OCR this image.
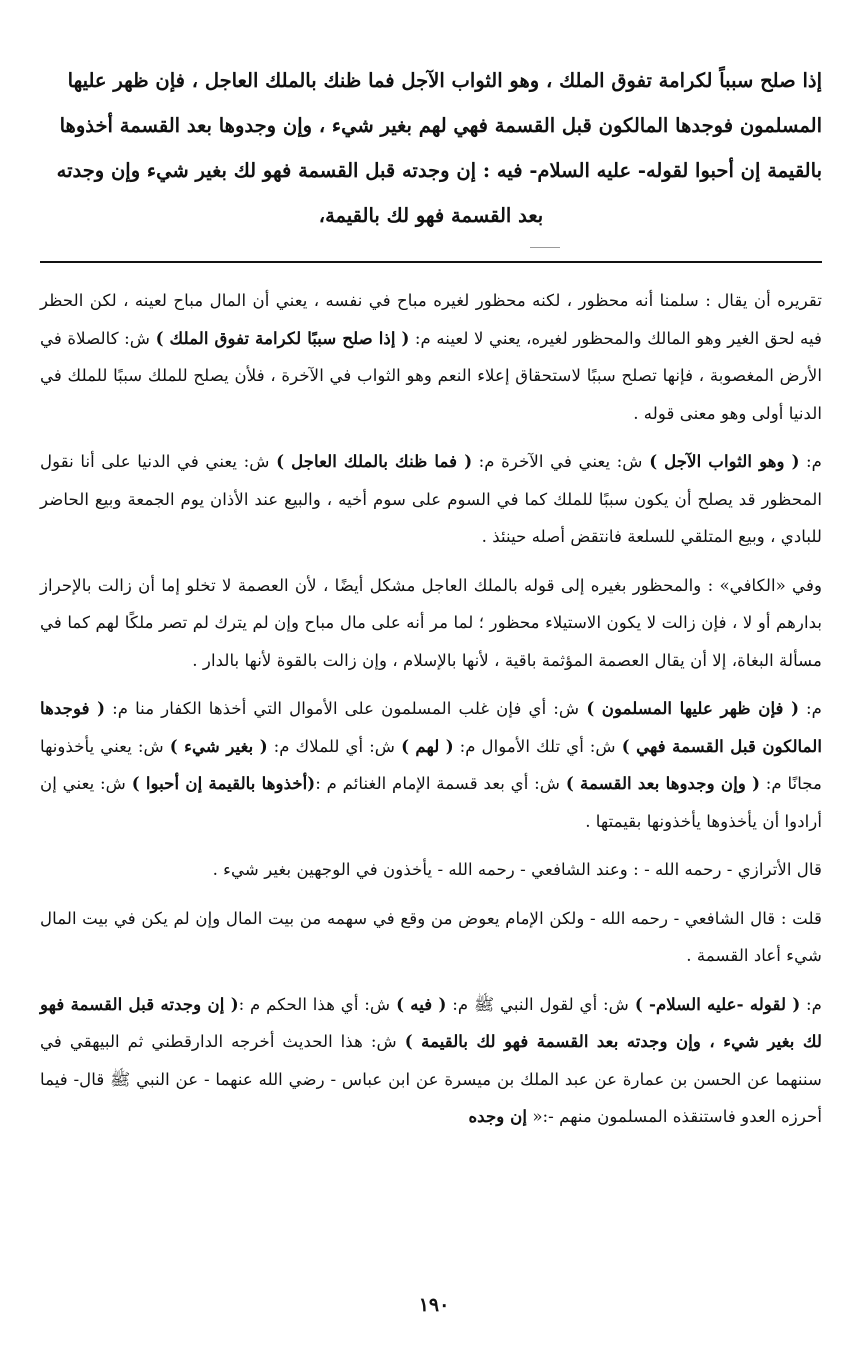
إذا صلح سبباً لكرامة تفوق الملك ، وهو الثواب الآجل فما ظنك بالملك العاجل ، فإن ظهر عليها

المسلمون فوجدها المالكون قبل القسمة فهي لهم بغير شيء ، وإن وجدوها بعد القسمة أخذوها

بالقيمة إن أحبوا لقوله- عليه السلام- فيه : إن وجدته قبل القسمة فهو لك بغير شيء وإن وجدته

بعد القسمة فهو لك بالقيمة،

تقريره أن يقال : سلمنا أنه محظور ، لكنه محظور لغيره مباح في نفسه ، يعني أن المال مباح لعينه ، لكن الحظر فيه لحق الغير وهو المالك والمحظور لغيره، يعني لا لعينه م: ( إذا صلح سببًا لكرامة تفوق الملك ) ش: كالصلاة في الأرض المغصوبة ، فإنها تصلح سببًا لاستحقاق إعلاء النعم وهو الثواب في الآخرة ، فلأن يصلح للملك سببًا للملك في الدنيا أولى وهو معنى قوله .

م: ( وهو الثواب الآجل ) ش: يعني في الآخرة م: ( فما ظنك بالملك العاجل ) ش: يعني في الدنيا على أنا نقول المحظور قد يصلح أن يكون سببًا للملك كما في السوم على سوم أخيه ، والبيع عند الأذان يوم الجمعة وبيع الحاضر للبادي ، وبيع المتلقي للسلعة فانتقض أصله حينئذ .

وفي «الكافي» : والمحظور بغيره إلى قوله بالملك العاجل مشكل أيضًا ، لأن العصمة لا تخلو إما أن زالت بالإحراز بدارهم أو لا ، فإن زالت لا يكون الاستيلاء محظور ؛ لما مر أنه على مال مباح وإن لم يترك لم تصر ملكًا لهم كما في مسألة البغاة، إلا أن يقال العصمة المؤثمة باقية ، لأنها بالإسلام ، وإن زالت بالقوة لأنها بالدار .

م: ( فإن ظهر عليها المسلمون ) ش: أي فإن غلب المسلمون على الأموال التي أخذها الكفار منا م: ( فوجدها المالكون قبل القسمة فهي ) ش: أي تلك الأموال م: ( لهم ) ش: أي للملاك م: ( بغير شيء ) ش: يعني يأخذونها مجانًا م: ( وإن وجدوها بعد القسمة ) ش: أي بعد قسمة الإمام الغنائم م :(أخذوها بالقيمة إن أحبوا ) ش: يعني إن أرادوا أن يأخذوها يأخذونها بقيمتها .

قال الأترازي - رحمه الله - : وعند الشافعي - رحمه الله - يأخذون في الوجهين بغير شيء .

قلت : قال الشافعي - رحمه الله - ولكن الإمام يعوض من وقع في سهمه من بيت المال وإن لم يكن في بيت المال شيء أعاد القسمة .

م: ( لقوله -عليه السلام- ) ش: أي لقول النبي ﷺ م: ( فيه ) ش: أي هذا الحكم م :( إن وجدته قبل القسمة فهو لك بغير شيء ، وإن وجدته بعد القسمة فهو لك بالقيمة ) ش: هذا الحديث أخرجه الدارقطني ثم البيهقي في سننهما عن الحسن بن عمارة عن عبد الملك بن ميسرة عن ابن عباس - رضي الله عنهما - عن النبي ﷺ قال- فيما أحرزه العدو فاستنقذه المسلمون منهم -:« إن وجده

١٩٠
